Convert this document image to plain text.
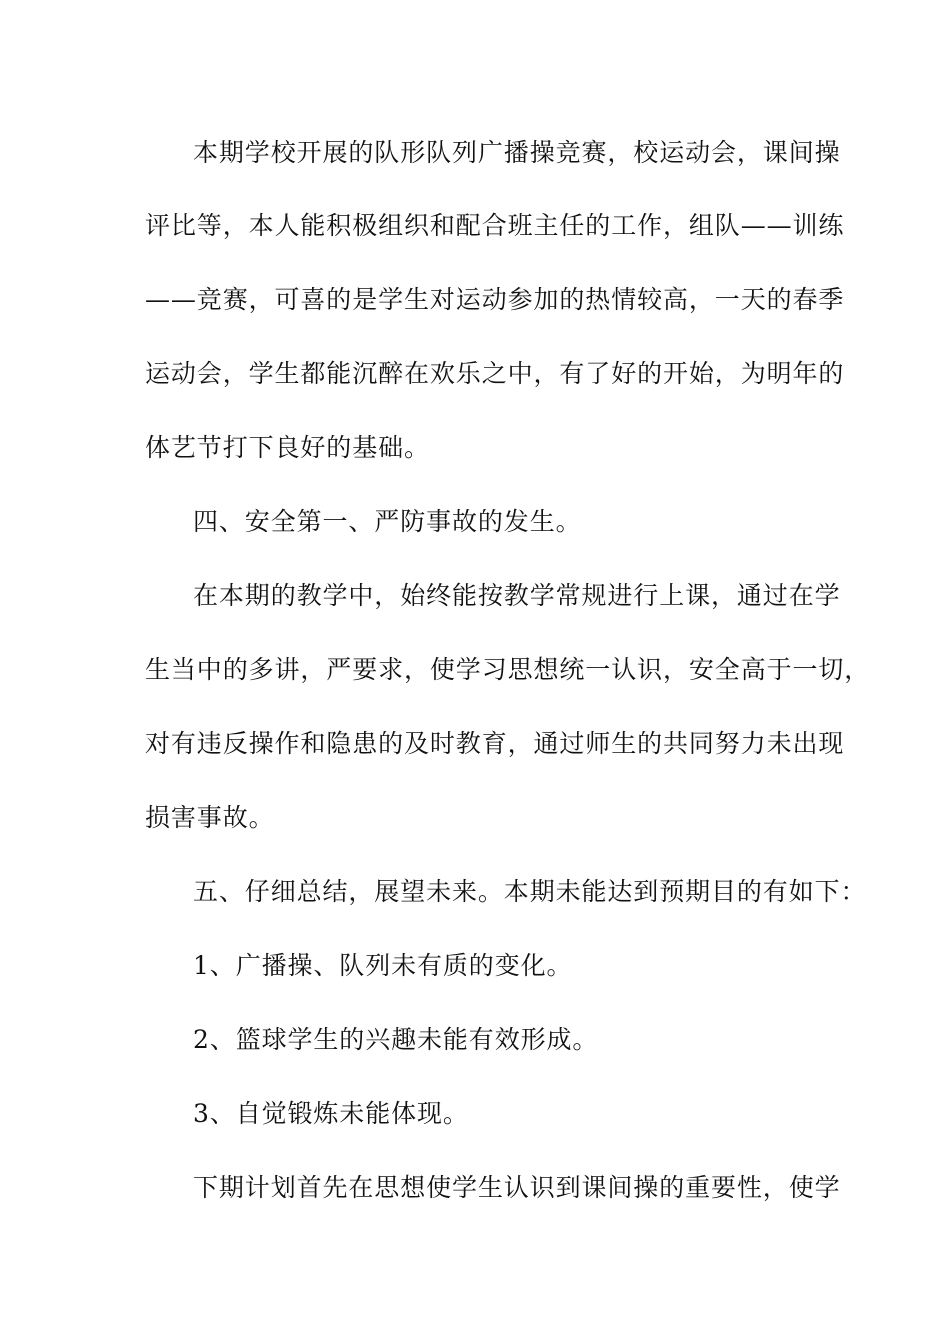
本期学校开展的队形队列广播操竞赛，校运动会，课间操

评比等，本人能积极组织和配合班主任的工作，组队——训练

——竞赛，可喜的是学生对运动参加的热情较高，一天的春季

运动会，学生都能沉醉在欢乐之中，有了好的开始，为明年的

体艺节打下良好的基础。

四、安全第一、严防事故的发生。

在本期的教学中，始终能按教学常规进行上课，通过在学

生当中的多讲，严要求，使学习思想统一认识，安全高于一切，

对有违反操作和隐患的及时教育，通过师生的共同努力未出现

损害事故。

五、仔细总结，展望未来。本期未能达到预期目的有如下：

1、广播操、队列未有质的变化。

2、篮球学生的兴趣未能有效形成。

3、自觉锻炼未能体现。

下期计划首先在思想使学生认识到课间操的重要性，使学
